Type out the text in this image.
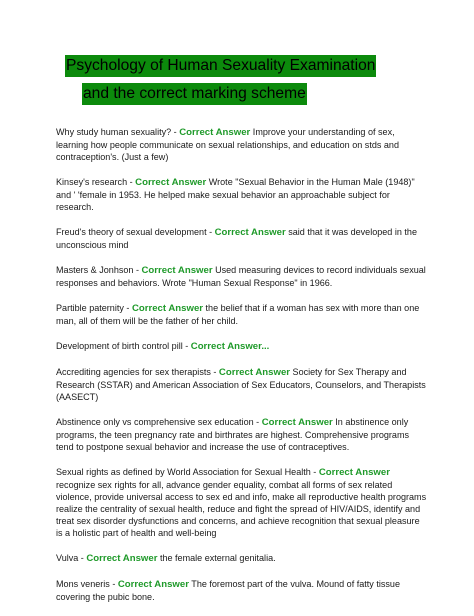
Psychology of Human Sexuality Examination
and the correct marking scheme

Why study human sexuality? - Correct Answer Improve your understanding of sex, learning how people communicate on sexual relationships, and education on stds and contraception's. (Just a few)

Kinsey's research - Correct Answer Wrote "Sexual Behavior in the Human Male (1948)" and ' 'female in 1953. He helped make sexual behavior an approachable subject for research.

Freud's theory of sexual development - Correct Answer said that it was developed in the unconscious mind

Masters & Jonhson - Correct Answer Used measuring devices to record individuals sexual responses and behaviors. Wrote "Human Sexual Response" in 1966.

Partible paternity - Correct Answer the belief that if a woman has sex with more than one man, all of them will be the father of her child.

Development of birth control pill - Correct Answer...

Accrediting agencies for sex therapists - Correct Answer Society for Sex Therapy and Research (SSTAR) and American Association of Sex Educators, Counselors, and Therapists (AASECT)

Abstinence only vs comprehensive sex education - Correct Answer In abstinence only programs, the teen pregnancy rate and birthrates are highest. Comprehensive programs tend to postpone sexual behavior and increase the use of contraceptives.

Sexual rights as defined by World Association for Sexual Health - Correct Answer recognize sex rights for all, advance gender equality, combat all forms of sex related violence, provide universal access to sex ed and info, make all reproductive health programs realize the centrality of sexual health, reduce and fight the spread of HIV/AIDS, identify and treat sex disorder dysfunctions and concerns, and achieve recognition that sexual pleasure is a holistic part of health and well-being

Vulva - Correct Answer the female external genitalia.

Mons veneris - Correct Answer The foremost part of the vulva. Mound of fatty tissue covering the pubic bone.
